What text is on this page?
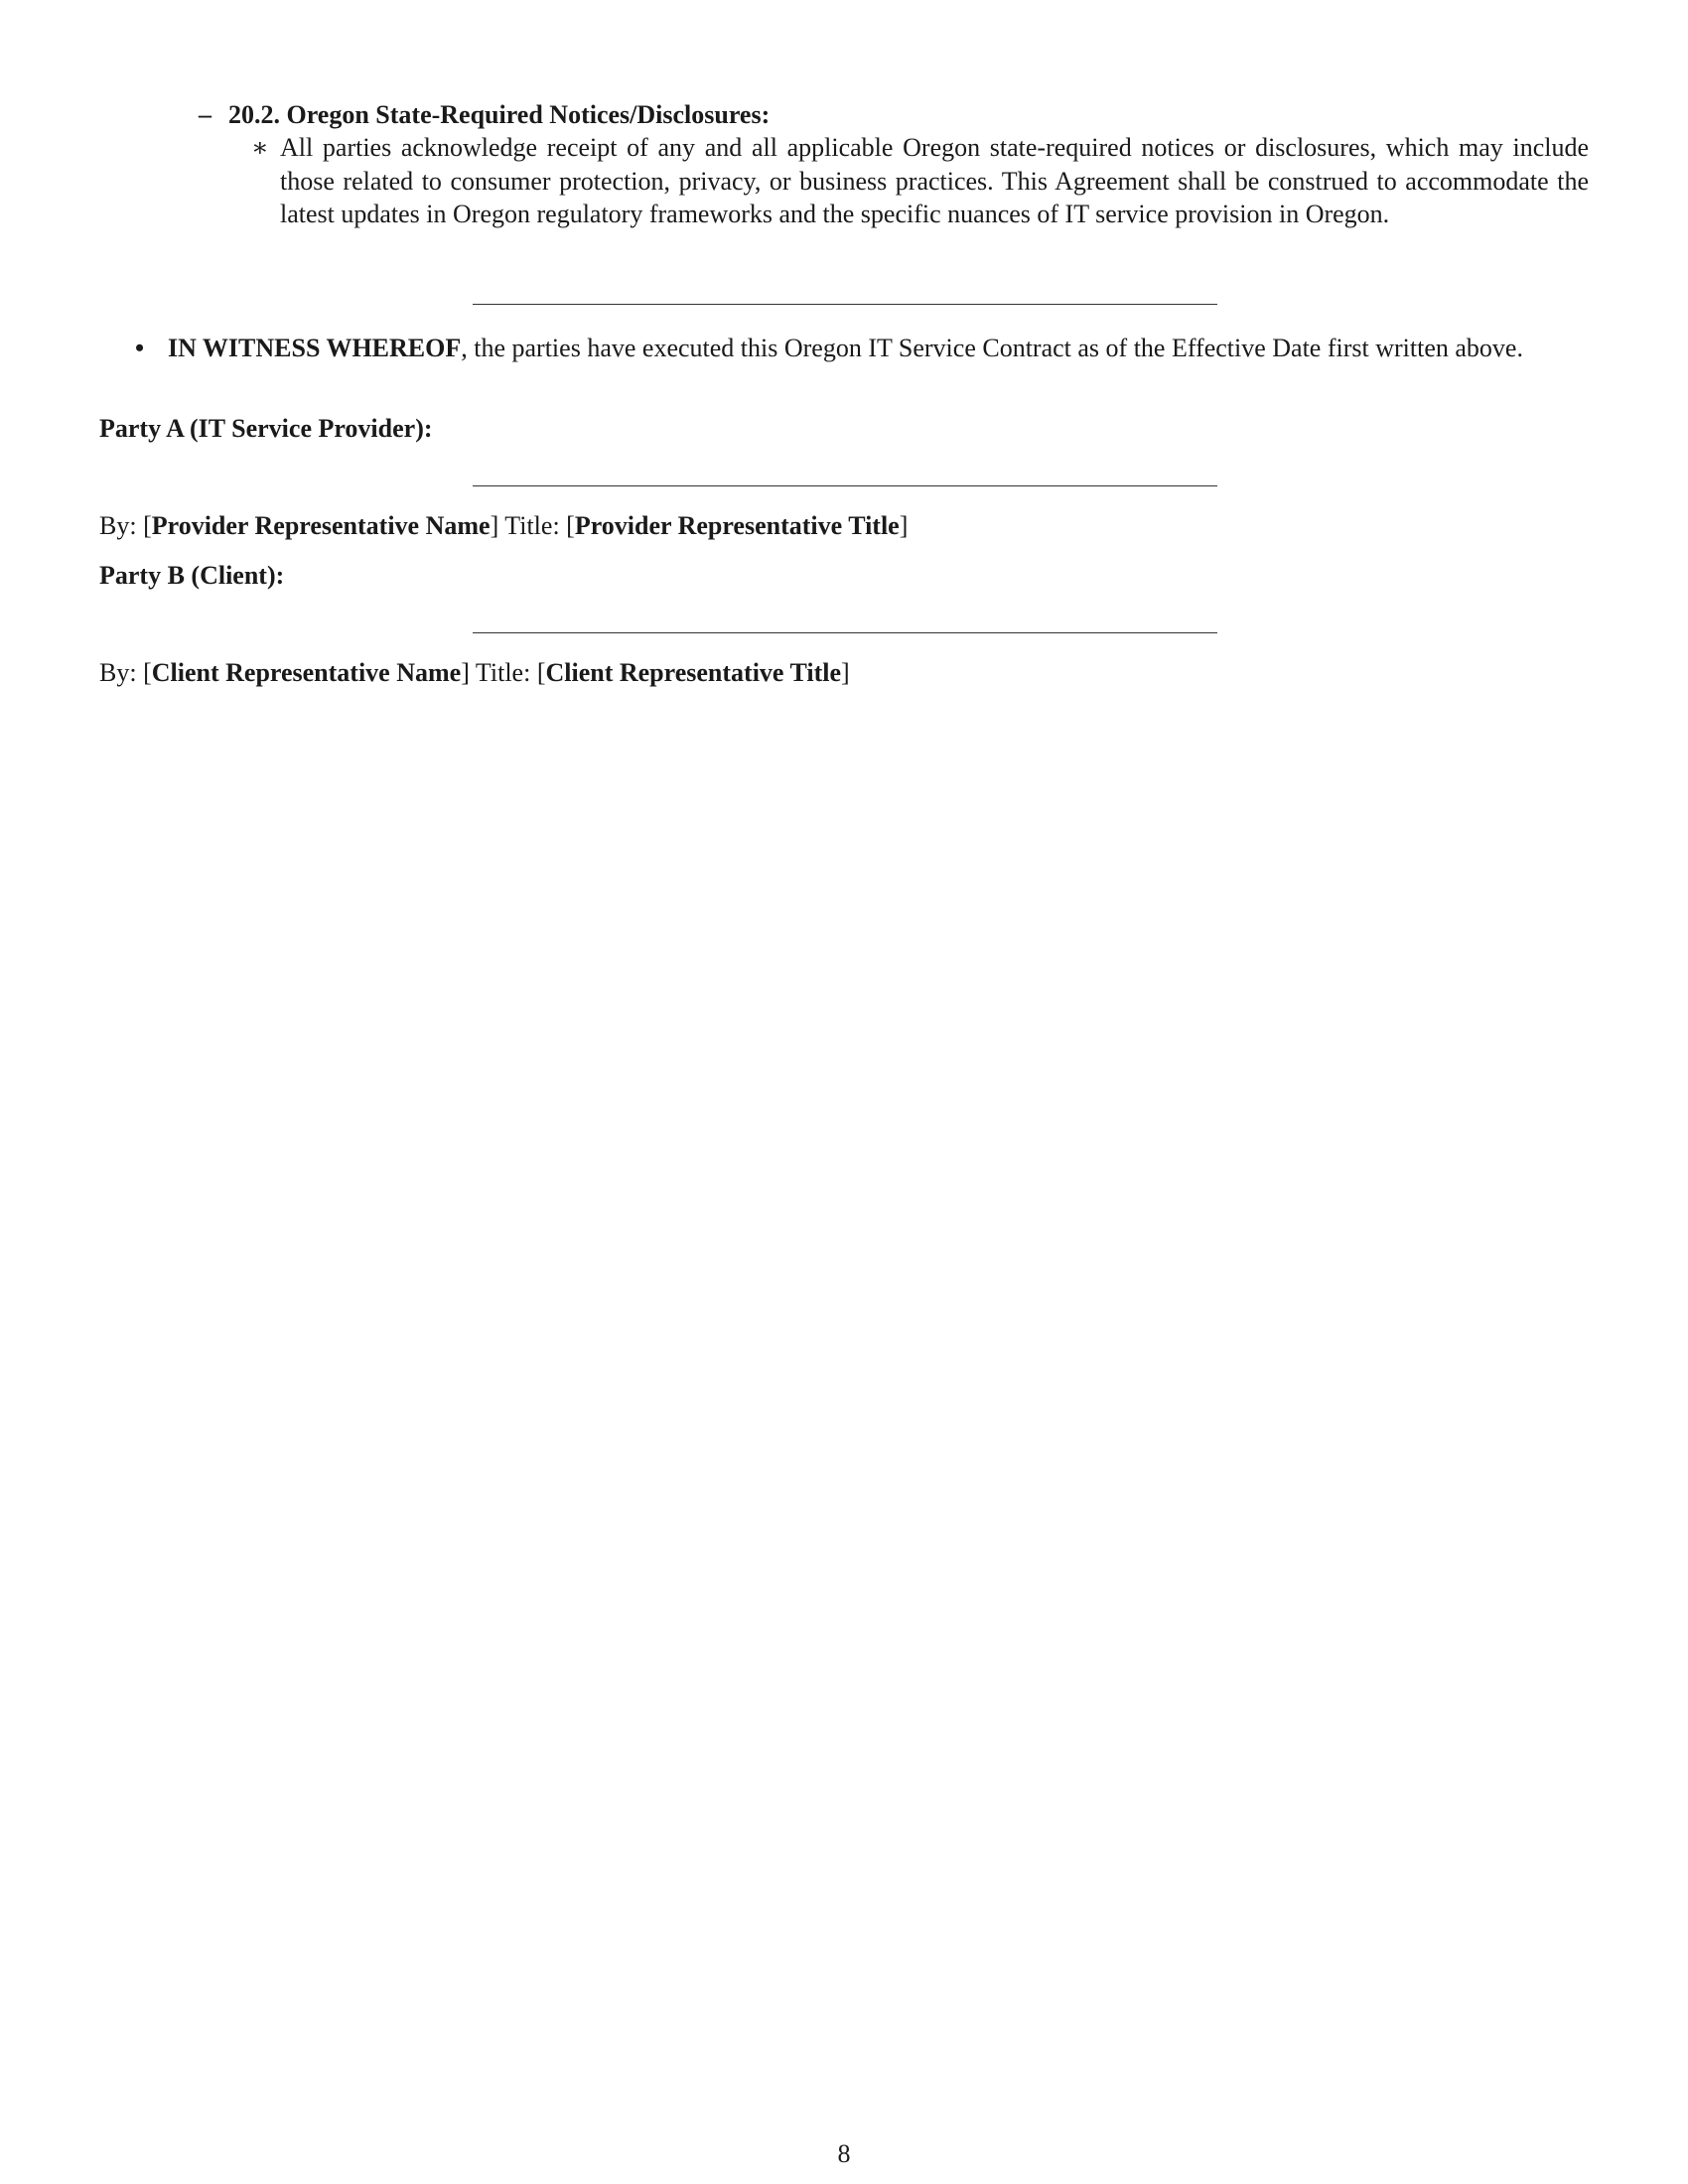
– 20.2. Oregon State-Required Notices/Disclosures:
∗ All parties acknowledge receipt of any and all applicable Oregon state-required notices or disclosures, which may include those related to consumer protection, privacy, or business practices. This Agreement shall be construed to accommodate the latest updates in Oregon regulatory frameworks and the specific nuances of IT service provision in Oregon.
• IN WITNESS WHEREOF, the parties have executed this Oregon IT Service Contract as of the Effective Date first written above.
Party A (IT Service Provider):
By: [Provider Representative Name] Title: [Provider Representative Title]
Party B (Client):
By: [Client Representative Name] Title: [Client Representative Title]
8
